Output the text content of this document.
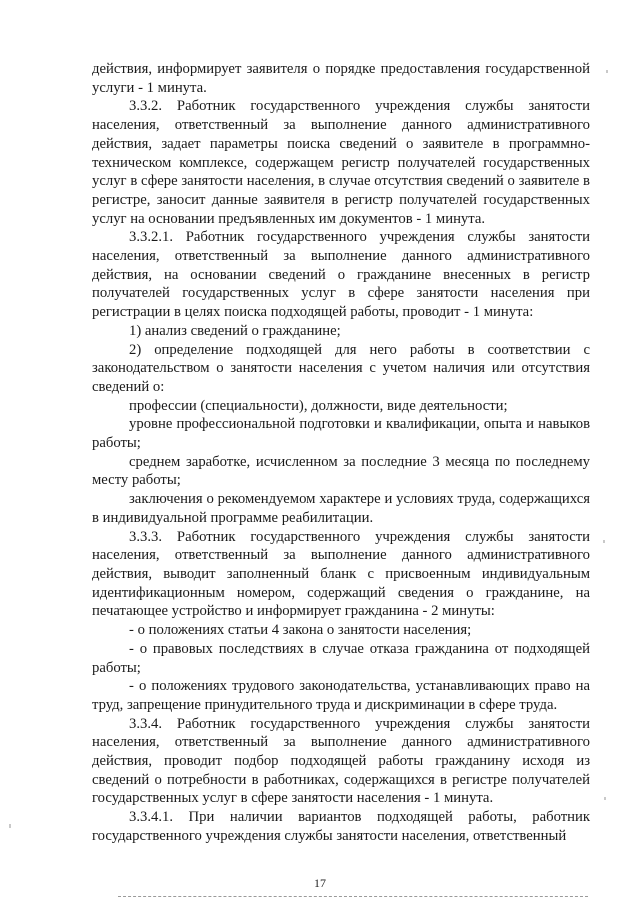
действия, информирует заявителя о порядке предоставления государственной услуги - 1 минута.

3.3.2. Работник государственного учреждения службы занятости населения, ответственный за выполнение данного административного действия, задает параметры поиска сведений о заявителе в программно-техническом комплексе, содержащем регистр получателей государственных услуг в сфере занятости населения, в случае отсутствия сведений о заявителе в регистре, заносит данные заявителя в регистр получателей государственных услуг на основании предъявленных им документов - 1 минута.

3.3.2.1. Работник государственного учреждения службы занятости населения, ответственный за выполнение данного административного действия, на основании сведений о гражданине внесенных в регистр получателей государственных услуг в сфере занятости населения при регистрации в целях поиска подходящей работы, проводит - 1 минута:

1) анализ сведений о гражданине;

2) определение подходящей для него работы в соответствии с законодательством о занятости населения с учетом наличия или отсутствия сведений о:

профессии (специальности), должности, виде деятельности;

уровне профессиональной подготовки и квалификации, опыта и навыков работы;

среднем заработке, исчисленном за последние 3 месяца по последнему месту работы;

заключения о рекомендуемом характере и условиях труда, содержащихся в индивидуальной программе реабилитации.

3.3.3. Работник государственного учреждения службы занятости населения, ответственный за выполнение данного административного действия, выводит заполненный бланк с присвоенным индивидуальным идентификационным номером, содержащий сведения о гражданине, на печатающее устройство и информирует гражданина - 2 минуты:

- о положениях статьи 4 закона о занятости населения;

- о правовых последствиях в случае отказа гражданина от подходящей работы;

- о положениях трудового законодательства, устанавливающих право на труд, запрещение принудительного труда и дискриминации в сфере труда.

3.3.4. Работник государственного учреждения службы занятости населения, ответственный за выполнение данного административного действия, проводит подбор подходящей работы гражданину исходя из сведений о потребности в работниках, содержащихся в регистре получателей государственных услуг в сфере занятости населения - 1 минута.

3.3.4.1. При наличии вариантов подходящей работы, работник государственного учреждения службы занятости населения, ответственный

17
